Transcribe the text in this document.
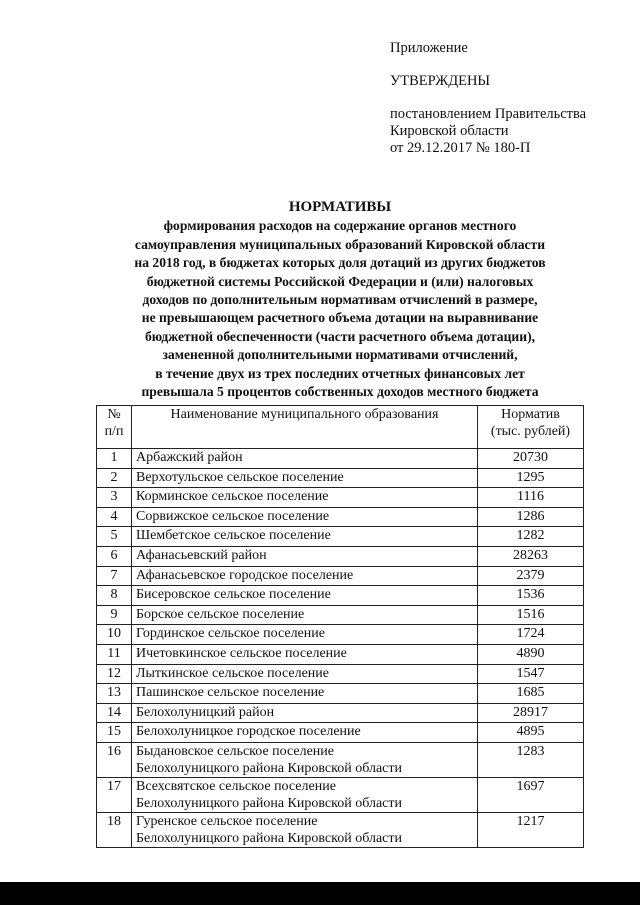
Приложение
УТВЕРЖДЕНЫ
постановлением Правительства
Кировской области
от 29.12.2017 № 180-П
НОРМАТИВЫ
формирования расходов на содержание органов местного
самоуправления муниципальных образований Кировской области
на 2018 год, в бюджетах которых доля дотаций из других бюджетов
бюджетной системы Российской Федерации и (или) налоговых
доходов по дополнительным нормативам отчислений в размере,
не превышающем расчетного объема дотации на выравнивание
бюджетной обеспеченности (части расчетного объема дотации),
замененной дополнительными нормативами отчислений,
в течение двух из трех последних отчетных финансовых лет
превышала 5 процентов собственных доходов местного бюджета
№
п/п	Наименование муниципального образования	Норматив
(тыс. рублей)
1	Арбажский район	20730
2	Верхотульское сельское поселение	1295
3	Корминское сельское поселение	1116
4	Сорвижское сельское поселение	1286
5	Шембетское сельское поселение	1282
6	Афанасьевский район	28263
7	Афанасьевское городское поселение	2379
8	Бисеровское сельское поселение	1536
9	Борское сельское поселение	1516
10	Гординское сельское поселение	1724
11	Ичетовкинское сельское поселение	4890
12	Лыткинское сельское поселение	1547
13	Пашинское сельское поселение	1685
14	Белохолуницкий район	28917
15	Белохолуницкое городское поселение	4895
16	Быдановское сельское поселение
Белохолуницкого района Кировской области	1283
17	Всехсвятское сельское поселение
Белохолуницкого района Кировской области	1697
18	Гуренское сельское поселение
Белохолуницкого района Кировской области	1217
